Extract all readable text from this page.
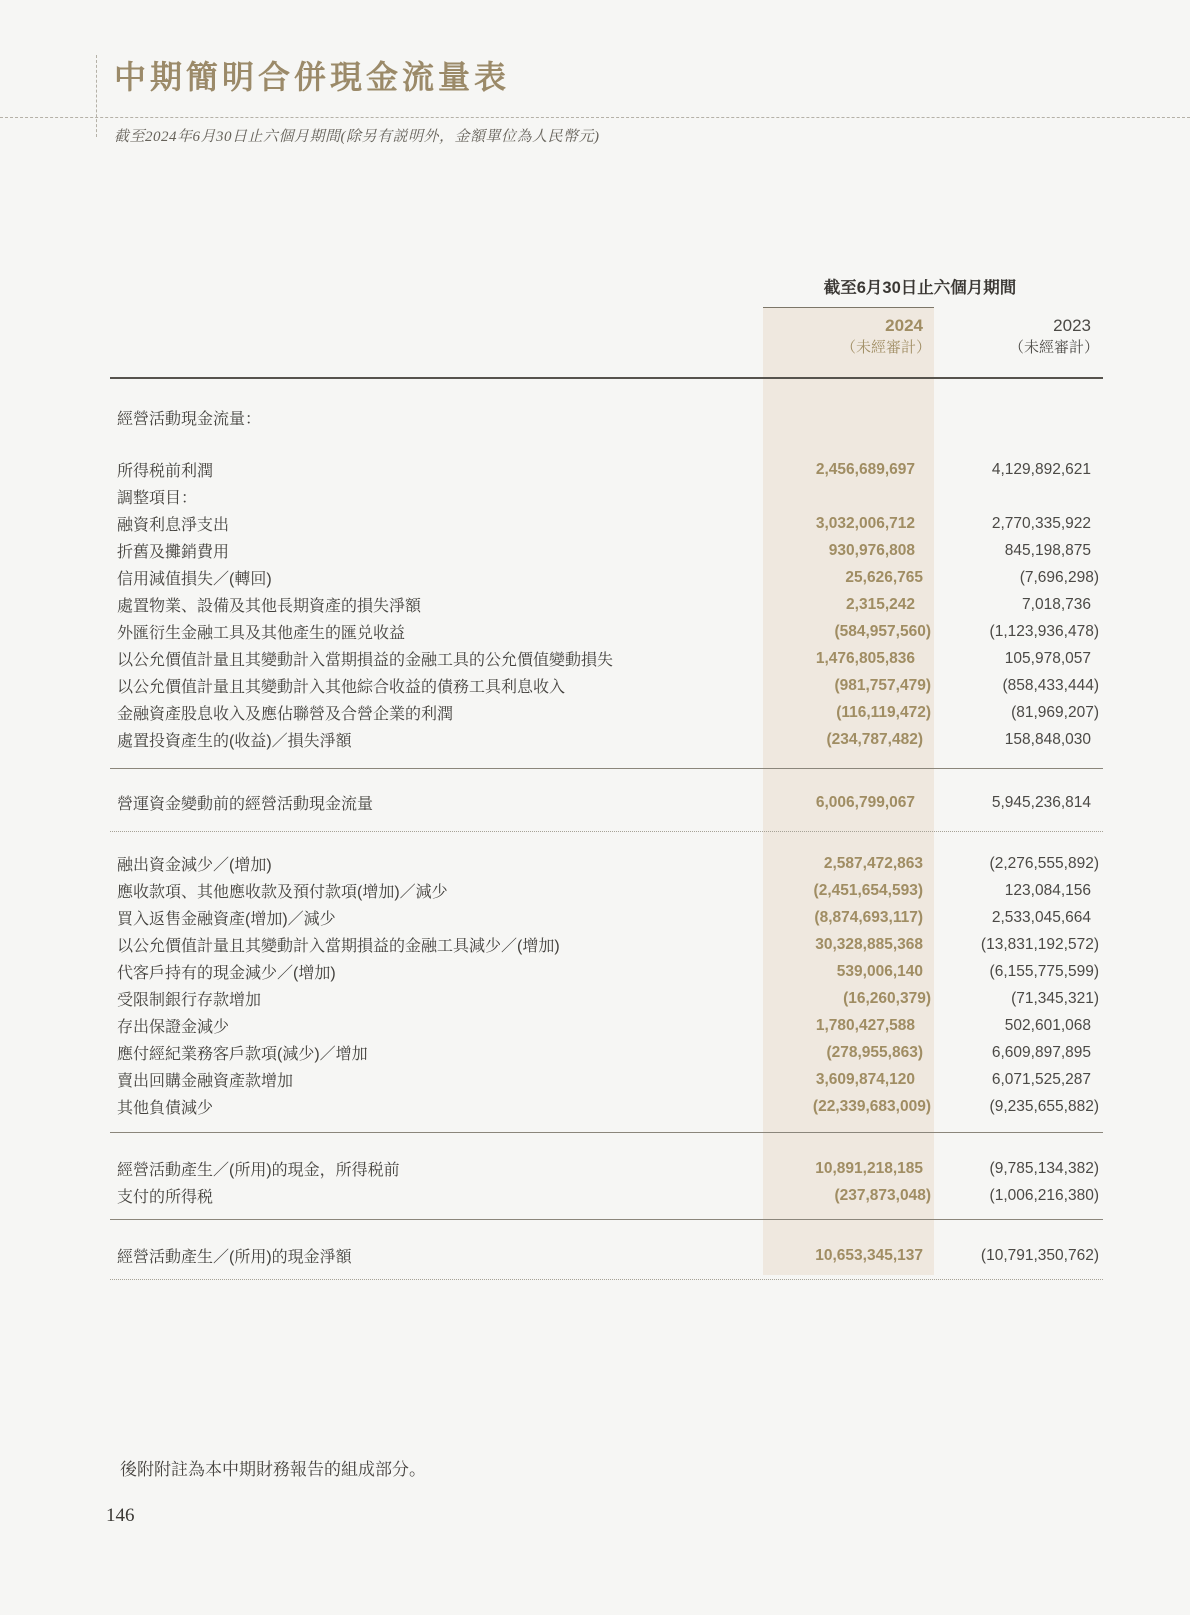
中期簡明合併現金流量表
截至2024年6月30日止六個月期間(除另有説明外，金額單位為人民幣元)
截至6月30日止六個月期間
2024
（未經審計）
2023
（未經審計）
經營活動現金流量：
所得税前利潤	2,456,689,697	4,129,892,621
調整項目：
融資利息淨支出	3,032,006,712	2,770,335,922
折舊及攤銷費用	930,976,808	845,198,875
信用減值損失／(轉回)	25,626,765	(7,696,298)
處置物業、設備及其他長期資產的損失淨額	2,315,242	7,018,736
外匯衍生金融工具及其他產生的匯兑收益	(584,957,560)	(1,123,936,478)
以公允價值計量且其變動計入當期損益的金融工具的公允價值變動損失	1,476,805,836	105,978,057
以公允價值計量且其變動計入其他綜合收益的債務工具利息收入	(981,757,479)	(858,433,444)
金融資產股息收入及應佔聯營及合營企業的利潤	(116,119,472)	(81,969,207)
處置投資產生的(收益)／損失淨額	(234,787,482)	158,848,030
營運資金變動前的經營活動現金流量	6,006,799,067	5,945,236,814
融出資金減少／(增加)	2,587,472,863	(2,276,555,892)
應收款項、其他應收款及預付款項(增加)／減少	(2,451,654,593)	123,084,156
買入返售金融資產(增加)／減少	(8,874,693,117)	2,533,045,664
以公允價值計量且其變動計入當期損益的金融工具減少／(增加)	30,328,885,368	(13,831,192,572)
代客戶持有的現金減少／(增加)	539,006,140	(6,155,775,599)
受限制銀行存款增加	(16,260,379)	(71,345,321)
存出保證金減少	1,780,427,588	502,601,068
應付經紀業務客戶款項(減少)／增加	(278,955,863)	6,609,897,895
賣出回購金融資產款增加	3,609,874,120	6,071,525,287
其他負債減少	(22,339,683,009)	(9,235,655,882)
經營活動產生／(所用)的現金，所得税前	10,891,218,185	(9,785,134,382)
支付的所得税	(237,873,048)	(1,006,216,380)
經營活動產生／(所用)的現金淨額	10,653,345,137	(10,791,350,762)
後附附註為本中期財務報告的組成部分。
146
